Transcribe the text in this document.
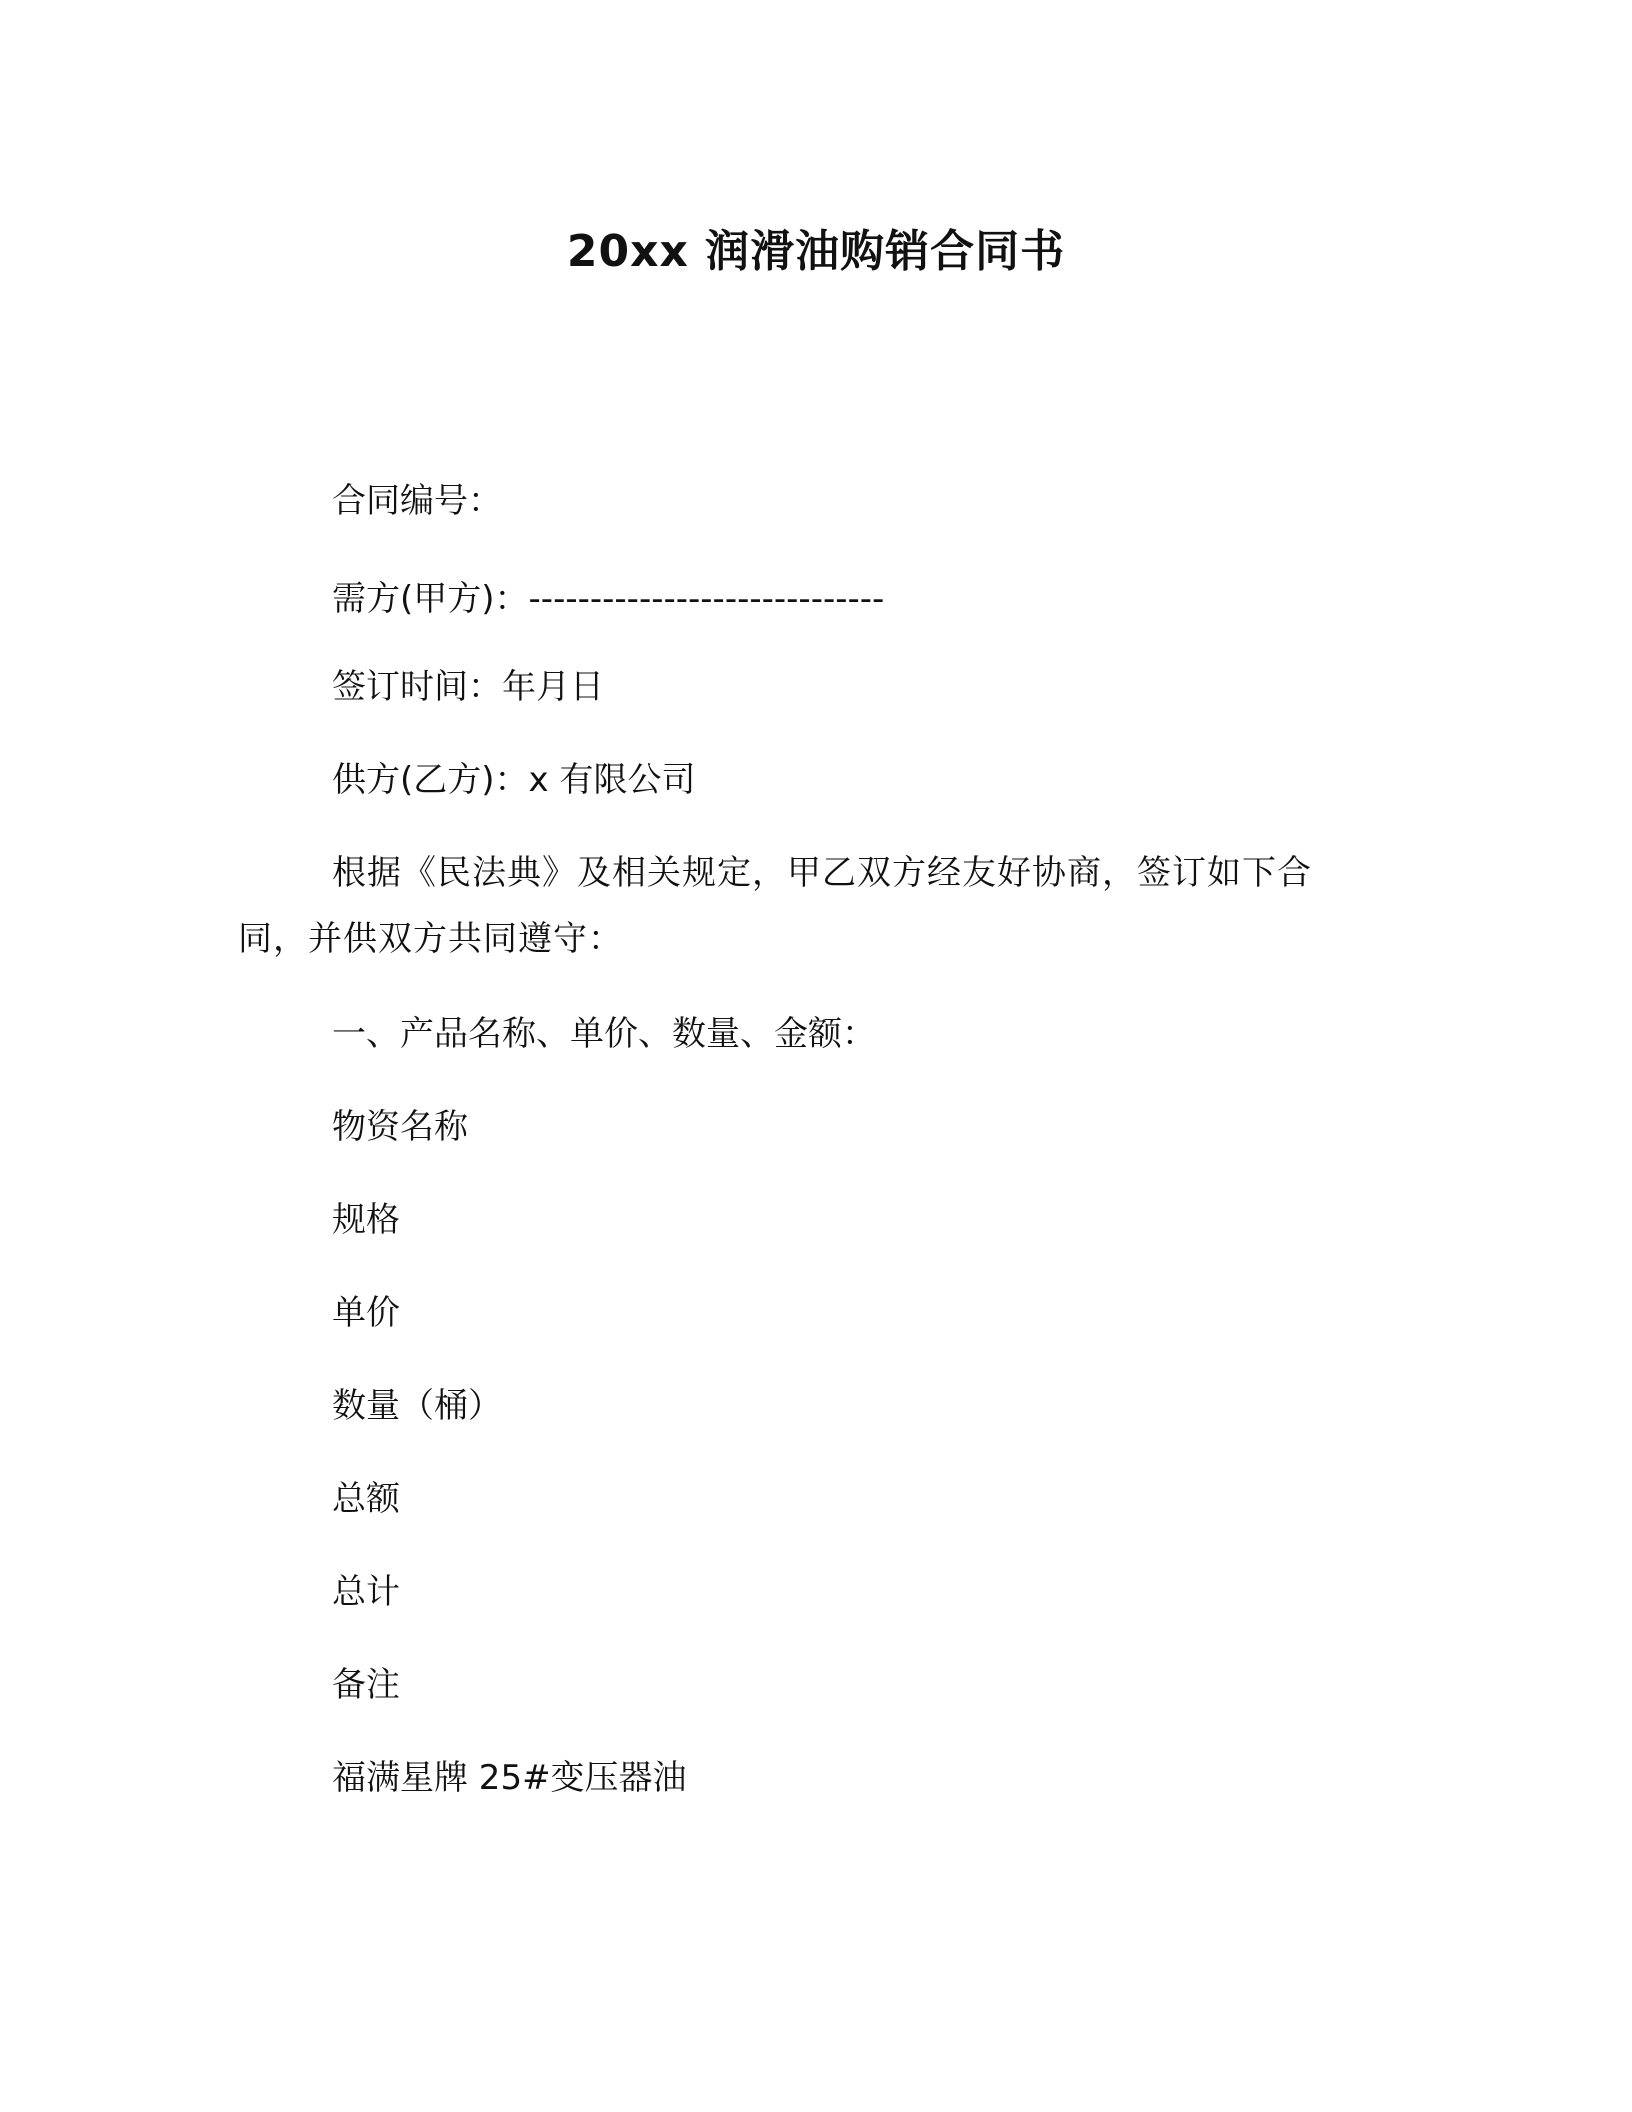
20xx 润滑油购销合同书
合同编号：
需方(甲方)：-----------------------------
签订时间：年月日
供方(乙方)：x 有限公司
根据《民法典》及相关规定，甲乙双方经友好协商，签订如下合同，并供双方共同遵守：
一、产品名称、单价、数量、金额：
物资名称
规格
单价
数量（桶）
总额
总计
备注
福满星牌 25#变压器油
